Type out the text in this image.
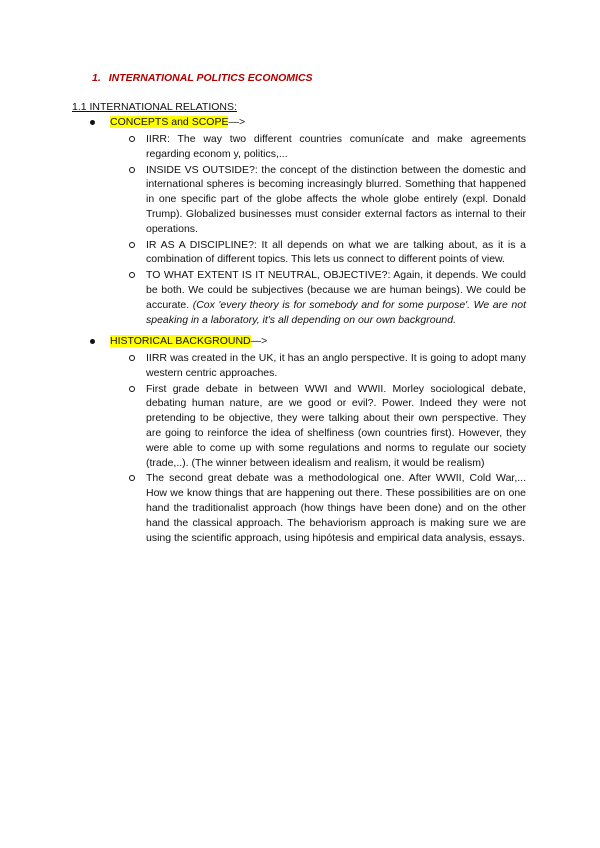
1. INTERNATIONAL POLITICS ECONOMICS
1.1 INTERNATIONAL RELATIONS:
CONCEPTS and SCOPE—>

IIRR: The way two different countries comunícate and make agreements regarding econom y, politics,...

INSIDE VS OUTSIDE?: the concept of the distinction between the domestic and international spheres is becoming increasingly blurred. Something that happened in one specific part of the globe affects the whole globe entirely (expl. Donald Trump). Globalized businesses must consider external factors as internal to their operations.

IR AS A DISCIPLINE?: It all depends on what we are talking about, as it is a combination of different topics. This lets us connect to different points of view.

TO WHAT EXTENT IS IT NEUTRAL, OBJECTIVE?: Again, it depends. We could be both. We could be subjectives (because we are human beings). We could be accurate. (Cox 'every theory is for somebody and for some purpose'. We are not speaking in a laboratory, it's all depending on our own background.

HISTORICAL BACKGROUND—>

IIRR was created in the UK, it has an anglo perspective. It is going to adopt many western centric approaches.

First grade debate in between WWI and WWII. Morley sociological debate, debating human nature, are we good or evil?. Power. Indeed they were not pretending to be objective, they were talking about their own perspective. They are going to reinforce the idea of shelfiness (own countries first). However, they were able to come up with some regulations and norms to regulate our society (trade,..). (The winner between idealism and realism, it would be realism)

The second great debate was a methodological one. After WWII, Cold War,... How we know things that are happening out there. These possibilities are on one hand the traditionalist approach (how things have been done) and on the other hand the classical approach. The behaviorism approach is making sure we are using the scientific approach, using hipótesis and empirical data analysis, essays.
